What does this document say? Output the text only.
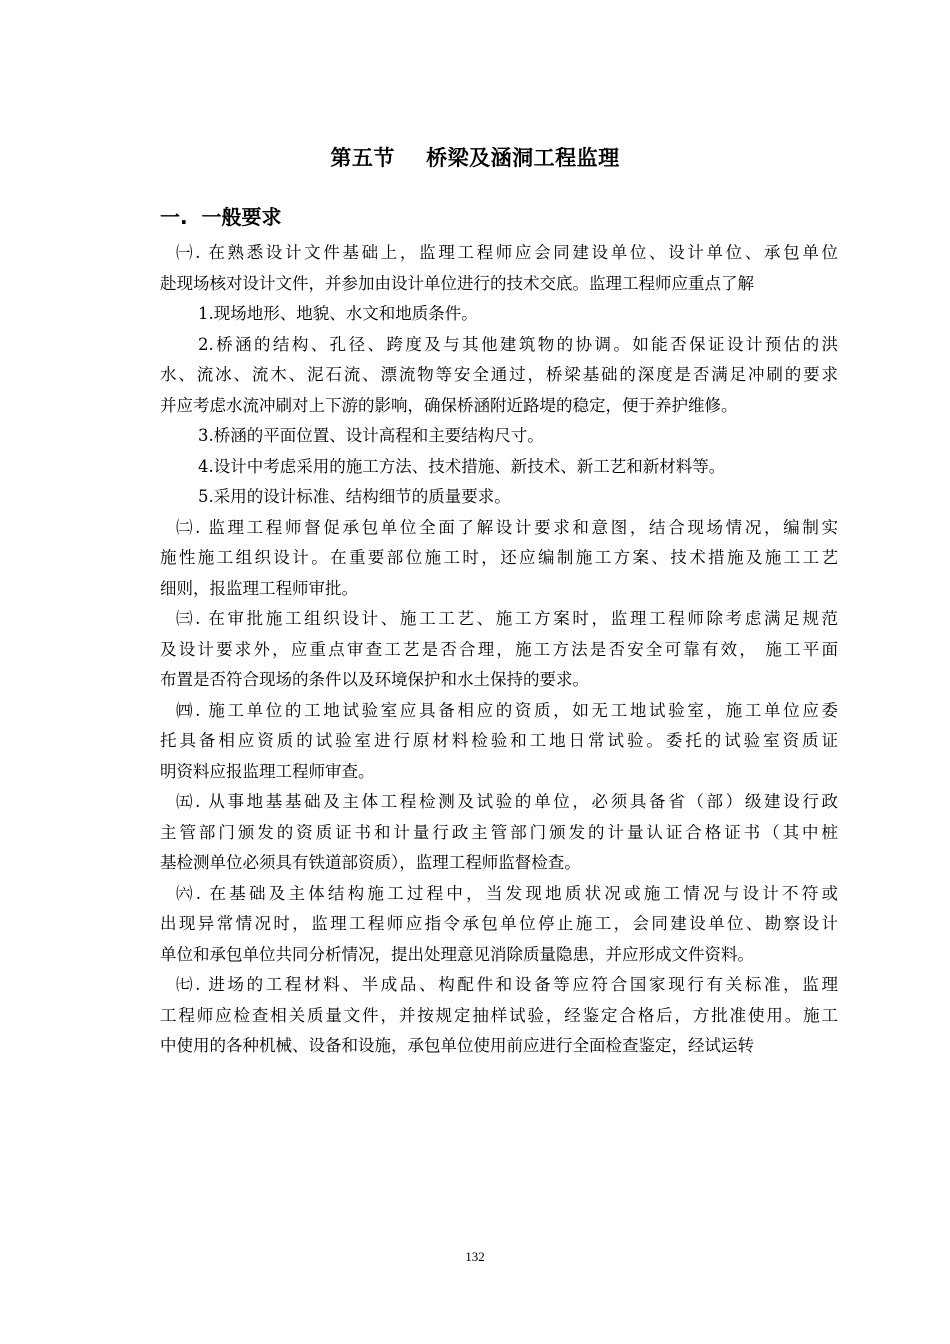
第五节    桥梁及涵洞工程监理
一.  一般要求
㈠. 在熟悉设计文件基础上，监理工程师应会同建设单位、设计单位、承包单位
赴现场核对设计文件，并参加由设计单位进行的技术交底。监理工程师应重点了解
1.现场地形、地貌、水文和地质条件。
2.桥涵的结构、孔径、跨度及与其他建筑物的协调。如能否保证设计预估的洪
水、流冰、流木、泥石流、漂流物等安全通过，桥梁基础的深度是否满足冲刷的要求
并应考虑水流冲刷对上下游的影响，确保桥涵附近路堤的稳定，便于养护维修。
3.桥涵的平面位置、设计高程和主要结构尺寸。
4.设计中考虑采用的施工方法、技术措施、新技术、新工艺和新材料等。
5.采用的设计标准、结构细节的质量要求。
㈡. 监理工程师督促承包单位全面了解设计要求和意图，结合现场情况，编制实
施性施工组织设计。在重要部位施工时，还应编制施工方案、技术措施及施工工艺
细则，报监理工程师审批。
㈢. 在审批施工组织设计、施工工艺、施工方案时，监理工程师除考虑满足规范
及设计要求外，应重点审查工艺是否合理，施工方法是否安全可靠有效， 施工平面
布置是否符合现场的条件以及环境保护和水土保持的要求。
㈣. 施工单位的工地试验室应具备相应的资质，如无工地试验室，施工单位应委
托具备相应资质的试验室进行原材料检验和工地日常试验。委托的试验室资质证
明资料应报监理工程师审查。
㈤. 从事地基基础及主体工程检测及试验的单位，必须具备省（部）级建设行政
主管部门颁发的资质证书和计量行政主管部门颁发的计量认证合格证书（其中桩
基检测单位必须具有铁道部资质），监理工程师监督检查。
㈥. 在基础及主体结构施工过程中，当发现地质状况或施工情况与设计不符或
出现异常情况时，监理工程师应指令承包单位停止施工，会同建设单位、勘察设计
单位和承包单位共同分析情况，提出处理意见消除质量隐患，并应形成文件资料。
㈦. 进场的工程材料、半成品、构配件和设备等应符合国家现行有关标准，监理
工程师应检查相关质量文件，并按规定抽样试验，经鉴定合格后，方批准使用。施工
中使用的各种机械、设备和设施，承包单位使用前应进行全面检查鉴定，经试运转
132
